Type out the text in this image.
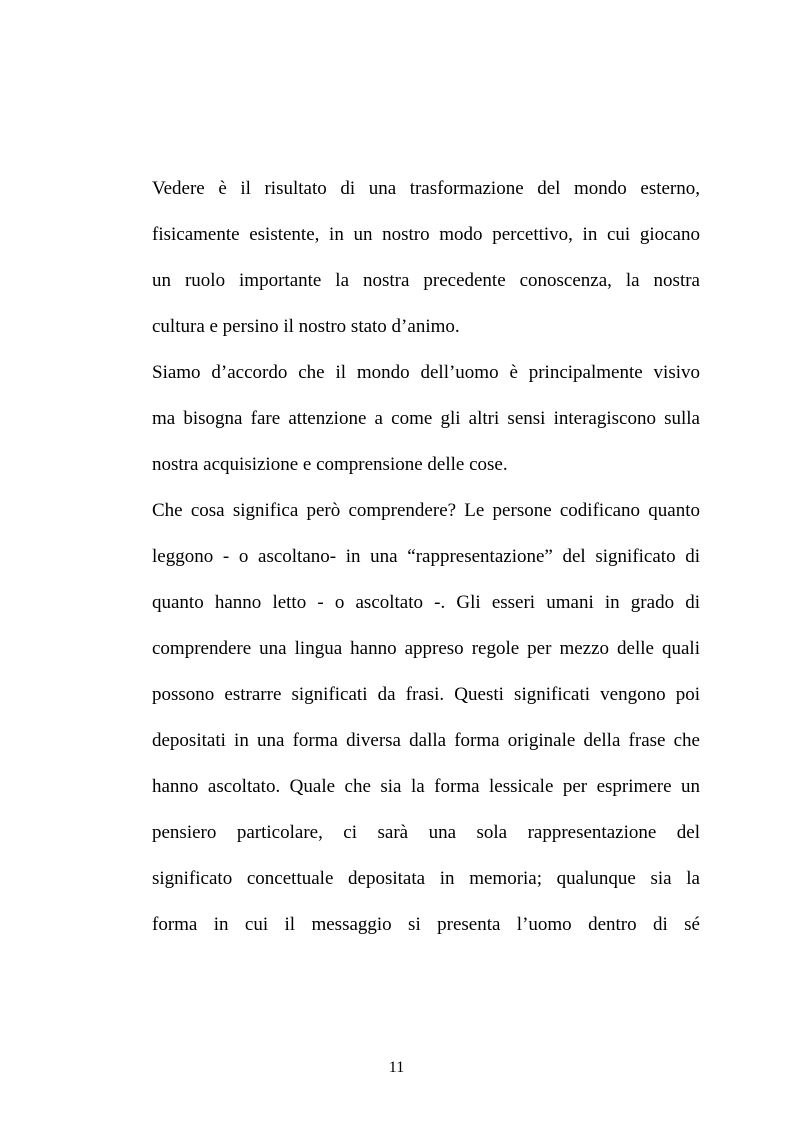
Vedere è il risultato di una trasformazione del mondo esterno,
fisicamente esistente, in un nostro modo percettivo, in cui giocano
un ruolo importante la nostra precedente conoscenza, la nostra
cultura e persino il nostro stato d’animo.
Siamo d’accordo che il mondo dell’uomo è principalmente visivo
ma bisogna fare attenzione a come gli altri sensi interagiscono sulla
nostra acquisizione e comprensione delle cose.
Che cosa significa però comprendere? Le persone codificano quanto
leggono - o ascoltano- in una “rappresentazione” del significato di
quanto hanno letto - o ascoltato -. Gli esseri umani in grado di
comprendere una lingua hanno appreso regole per mezzo delle quali
possono estrarre significati da frasi. Questi significati vengono poi
depositati in una forma diversa dalla forma originale della frase che
hanno ascoltato. Quale che sia la forma lessicale per esprimere un
pensiero particolare, ci sarà una sola rappresentazione del
significato concettuale depositata in memoria; qualunque sia la
forma in cui il messaggio si presenta l’uomo dentro di sé
11
